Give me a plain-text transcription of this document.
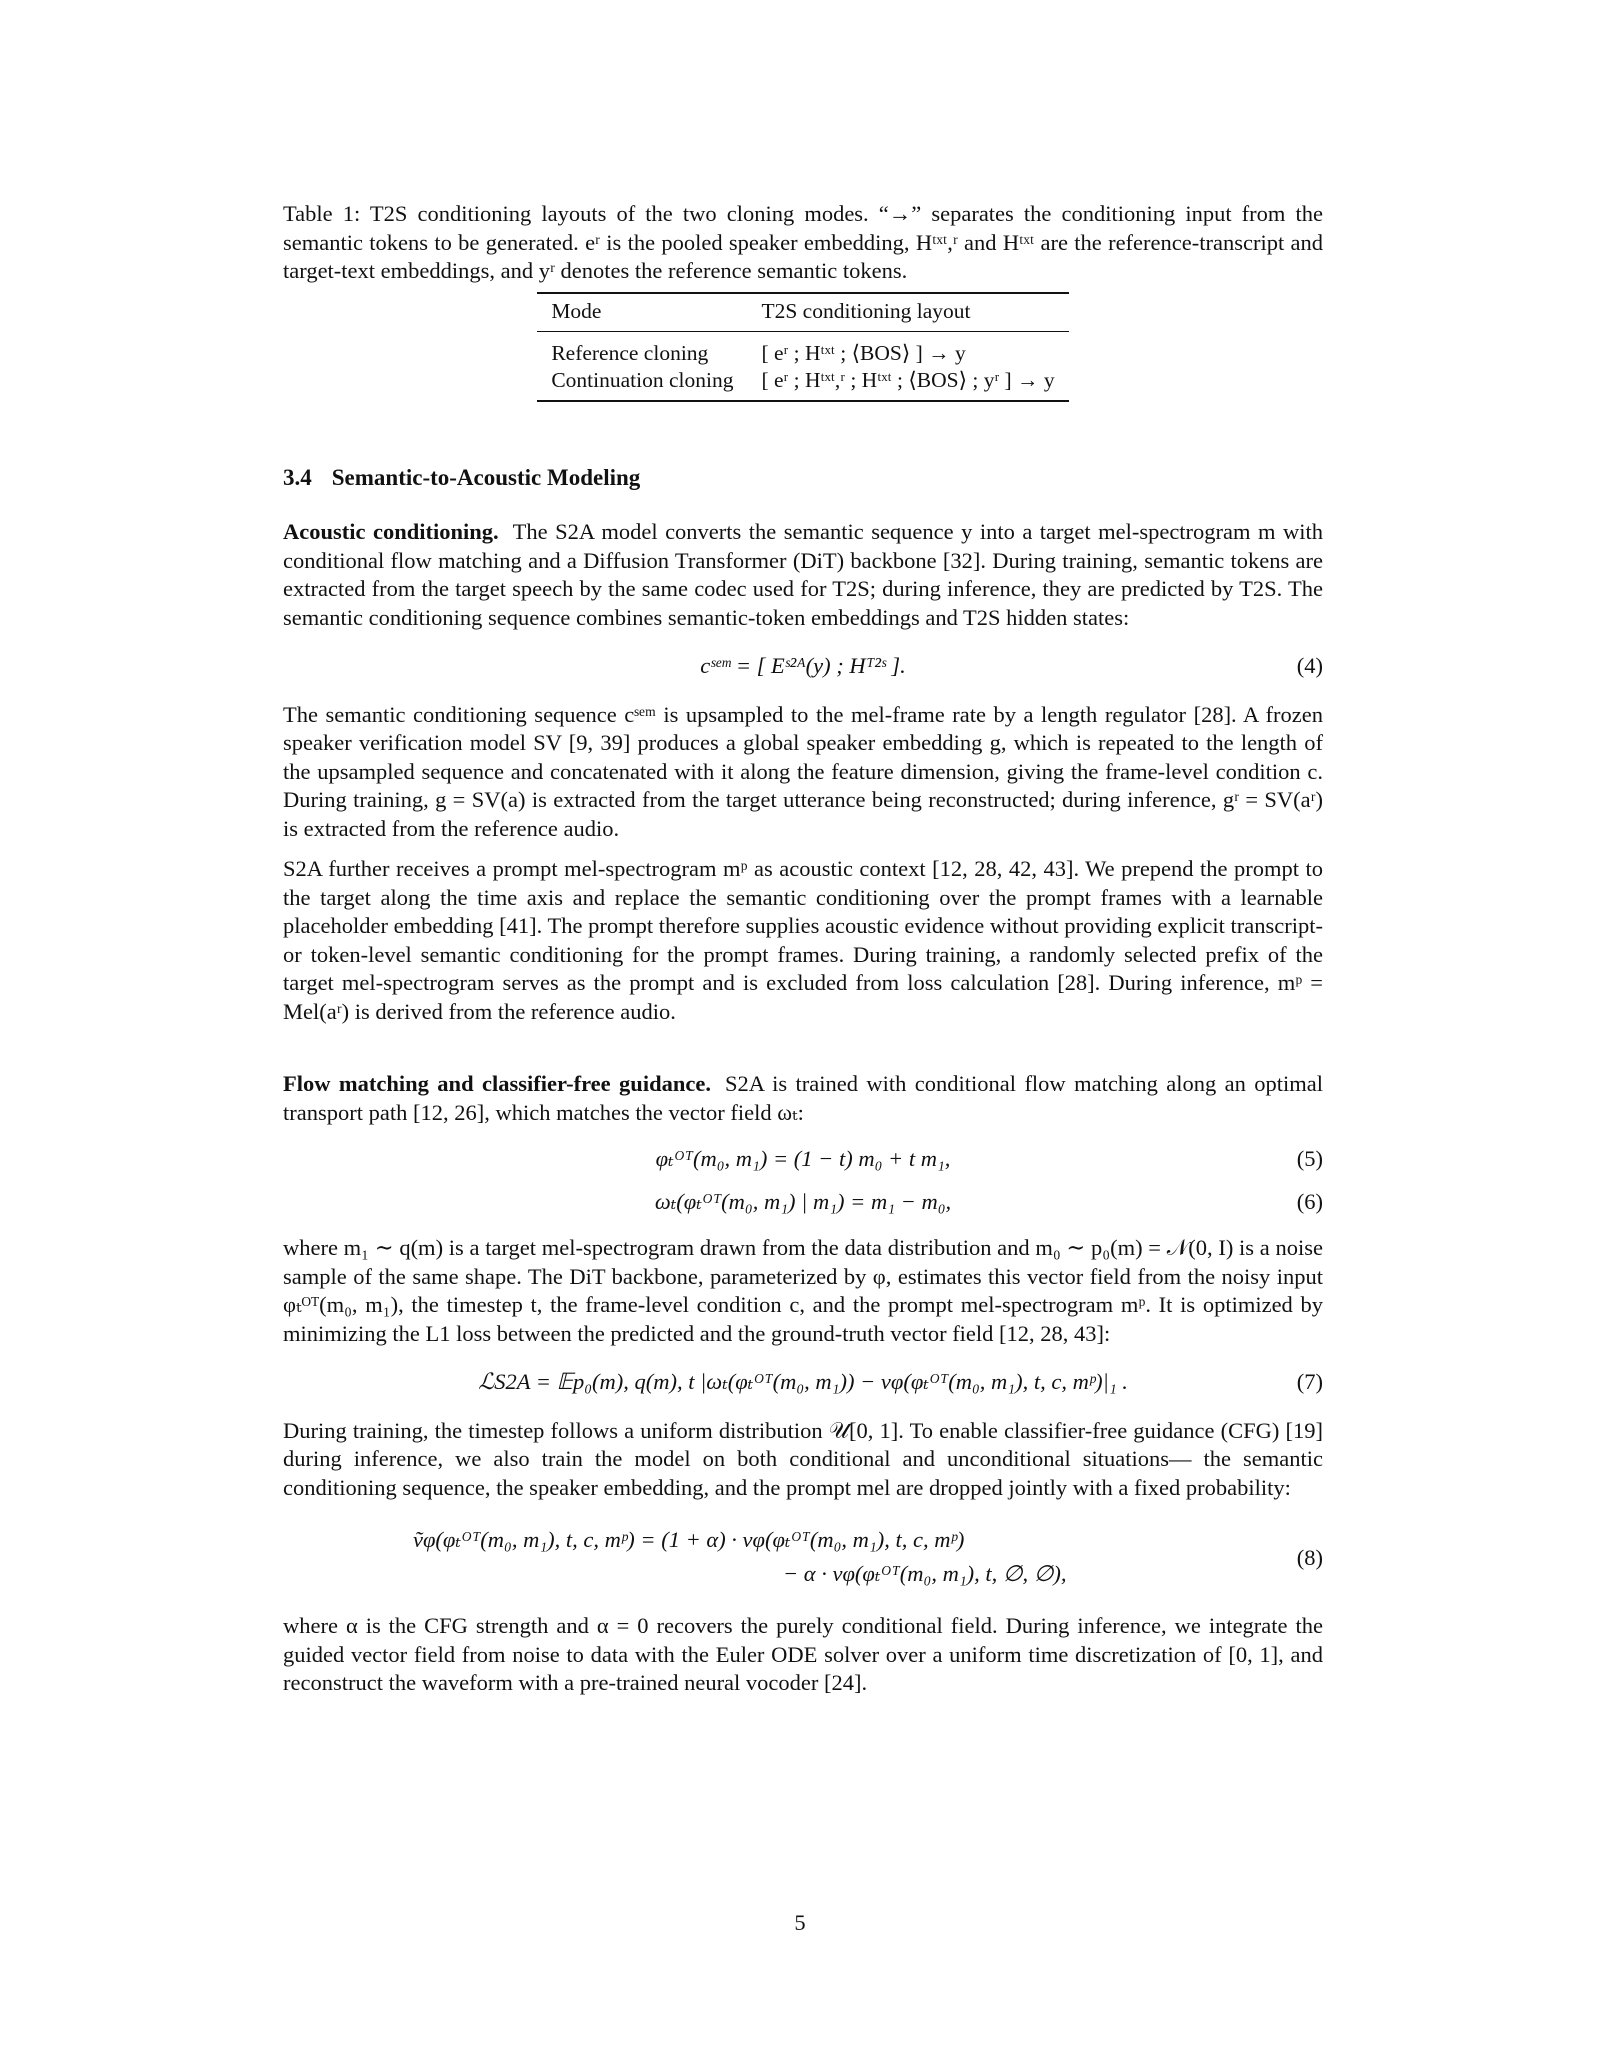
Table 1: T2S conditioning layouts of the two cloning modes. “→” separates the conditioning input from the semantic tokens to be generated. eʳ is the pooled speaker embedding, Hᵗˣᵗ,ʳ and Hᵗˣᵗ are the reference-transcript and target-text embeddings, and yʳ denotes the reference semantic tokens.

Mode	T2S conditioning layout
Reference cloning	[ eʳ ; Hᵗˣᵗ ; ⟨BOS⟩ ] → y
Continuation cloning	[ eʳ ; Hᵗˣᵗ,ʳ ; Hᵗˣᵗ ; ⟨BOS⟩ ; yʳ ] → y
3.4 Semantic-to-Acoustic Modeling

Acoustic conditioning. The S2A model converts the semantic sequence y into a target mel-spectrogram m with conditional flow matching and a Diffusion Transformer (DiT) backbone [32]. During training, semantic tokens are extracted from the target speech by the same codec used for T2S; during inference, they are predicted by T2S. The semantic conditioning sequence combines semantic-token embeddings and T2S hidden states:

cˢᵉᵐ = [ Eˢ²ᴬ(y) ; Hᵀ²ˢ ].	(4)

The semantic conditioning sequence cˢᵉᵐ is upsampled to the mel-frame rate by a length regulator [28]. A frozen speaker verification model SV [9, 39] produces a global speaker embedding g, which is repeated to the length of the upsampled sequence and concatenated with it along the feature dimension, giving the frame-level condition c. During training, g = SV(a) is extracted from the target utterance being reconstructed; during inference, gʳ = SV(aʳ) is extracted from the reference audio.

S2A further receives a prompt mel-spectrogram mᵖ as acoustic context [12, 28, 42, 43]. We prepend the prompt to the target along the time axis and replace the semantic conditioning over the prompt frames with a learnable placeholder embedding [41]. The prompt therefore supplies acoustic evidence without providing explicit transcript- or token-level semantic conditioning for the prompt frames. During training, a randomly selected prefix of the target mel-spectrogram serves as the prompt and is excluded from loss calculation [28]. During inference, mᵖ = Mel(aʳ) is derived from the reference audio.

Flow matching and classifier-free guidance. S2A is trained with conditional flow matching along an optimal transport path [12, 26], which matches the vector field ωₜ:

φₜᴼᵀ(m₀, m₁) = (1 − t) m₀ + t m₁,	(5)
ωₜ(φₜᴼᵀ(m₀, m₁) | m₁) = m₁ − m₀,	(6)

where m₁ ∼ q(m) is a target mel-spectrogram drawn from the data distribution and m₀ ∼ p₀(m) = 𝒩(0, I) is a noise sample of the same shape. The DiT backbone, parameterized by φ, estimates this vector field from the noisy input φₜᴼᵀ(m₀, m₁), the timestep t, the frame-level condition c, and the prompt mel-spectrogram mᵖ. It is optimized by minimizing the L1 loss between the predicted and the ground-truth vector field [12, 28, 43]:

ℒS2A = 𝔼p₀(m), q(m), t |ωₜ(φₜᴼᵀ(m₀, m₁)) − vφ(φₜᴼᵀ(m₀, m₁), t, c, mᵖ)|₁ .	(7)

During training, the timestep follows a uniform distribution 𝒰[0, 1]. To enable classifier-free guidance (CFG) [19] during inference, we also train the model on both conditional and unconditional situations— the semantic conditioning sequence, the speaker embedding, and the prompt mel are dropped jointly with a fixed probability:

ṽφ(φₜᴼᵀ(m₀, m₁), t, c, mᵖ) = (1 + α) · vφ(φₜᴼᵀ(m₀, m₁), t, c, mᵖ)
− α · vφ(φₜᴼᵀ(m₀, m₁), t, ∅, ∅),
(8)

where α is the CFG strength and α = 0 recovers the purely conditional field. During inference, we integrate the guided vector field from noise to data with the Euler ODE solver over a uniform time discretization of [0, 1], and reconstruct the waveform with a pre-trained neural vocoder [24].

5
